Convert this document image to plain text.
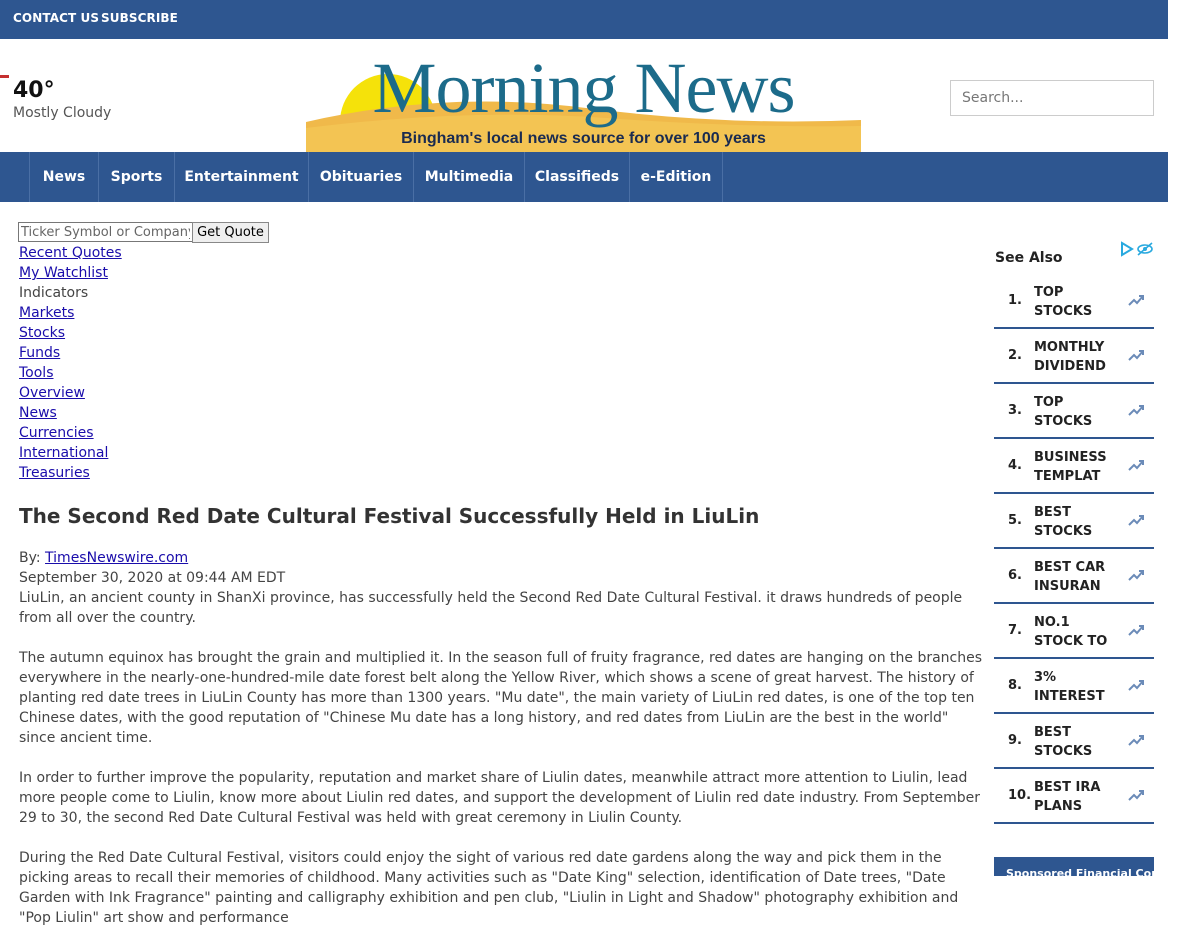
CONTACT US SUBSCRIBE
40°
Mostly Cloudy	Morning News
Bingham's local news source for over 100 years
Search...
News	Sports	Entertainment	Obituaries	Multimedia	Classifieds	e-Edition
Ticker Symbol or Company Name
Get Quote
Recent Quotes
My Watchlist
Indicators
Markets
Stocks
Funds
Tools
Overview
News
Currencies
International
Treasuries
The Second Red Date Cultural Festival Successfully Held in LiuLin
By: TimesNewswire.com
September 30, 2020 at 09:44 AM EDT

LiuLin, an ancient county in ShanXi province, has successfully held the Second Red Date Cultural Festival. it draws hundreds of people from all over the country.

The autumn equinox has brought the grain and multiplied it. In the season full of fruity fragrance, red dates are hanging on the branches everywhere in the nearly-one-hundred-mile date forest belt along the Yellow River, which shows a scene of great harvest. The history of planting red date trees in LiuLin County has more than 1300 years. "Mu date", the main variety of LiuLin red dates, is one of the top ten Chinese dates, with the good reputation of "Chinese Mu date has a long history, and red dates from LiuLin are the best in the world" since ancient time.

In order to further improve the popularity, reputation and market share of Liulin dates, meanwhile attract more attention to Liulin, lead more people come to Liulin, know more about Liulin red dates, and support the development of Liulin red date industry. From September 29 to 30, the second Red Date Cultural Festival was held with great ceremony in Liulin County.

During the Red Date Cultural Festival, visitors could enjoy the sight of various red date gardens along the way and pick them in the picking areas to recall their memories of childhood. Many activities such as "Date King" selection, identification of Date trees, "Date Garden with Ink Fragrance" painting and calligraphy exhibition and pen club, "Liulin in Light and Shadow" photography exhibition and "Pop Liulin" art show and performance

See Also
1.
TOP STOCKS
2.
MONTHLY DIVIDEND
3.
TOP STOCKS
4.
BUSINESS TEMPLAT
5.
BEST STOCKS
6.
BEST CAR INSURAN
7.
NO.1 STOCK TO
8.
3% INTEREST
9.
BEST STOCKS
10.
BEST IRA PLANS
Sponsored Financial Content
